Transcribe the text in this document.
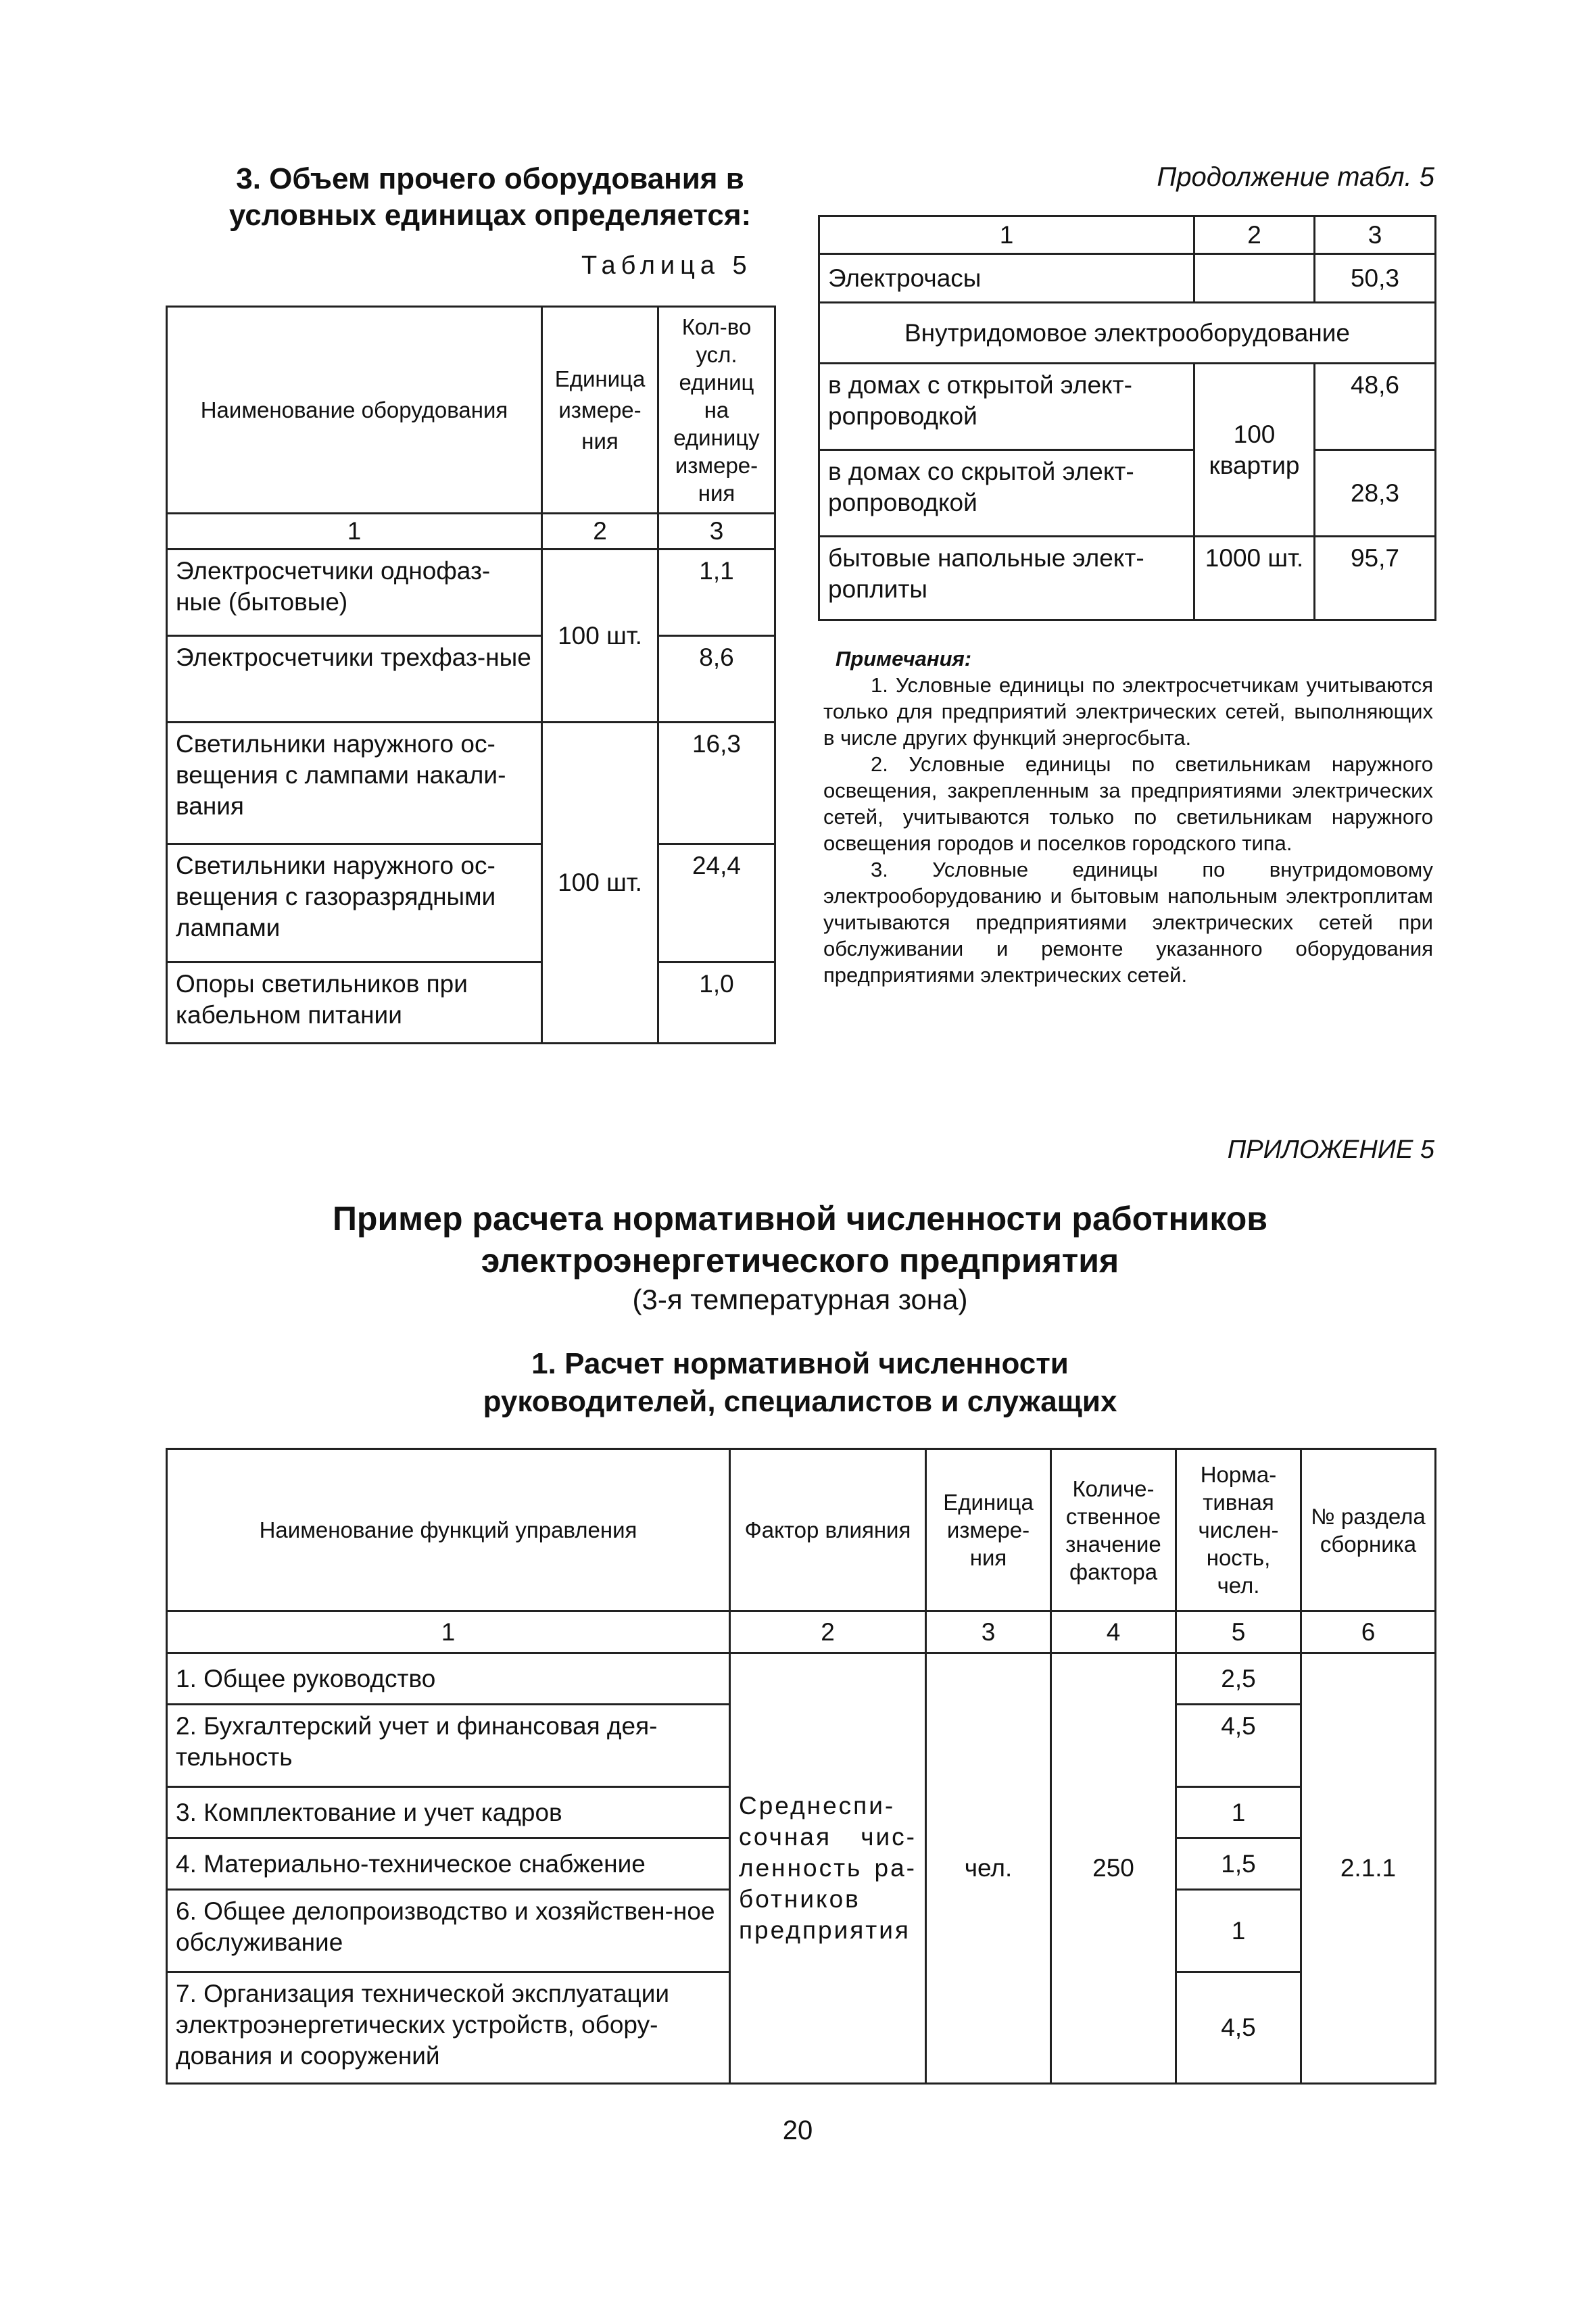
3. Объем прочего оборудования в
условных единицах определяется:
Таблица 5
Наименование оборудования	Единица измере-ния	Кол-во усл. единиц на единицу измере-ния
1	2	3
Электросчетчики однофаз-ные (бытовые)	100 шт.	1,1
Электросчетчики трехфаз-ные		8,6
Светильники наружного ос-вещения с лампами накали-вания	100 шт.	16,3
Светильники наружного ос-вещения с газоразрядными лампами		24,4
Опоры светильников при кабельном питании		1,0
Продолжение табл. 5
1	2	3
Электрочасы		50,3
Внутридомовое электрооборудование		
в домах с открытой элект-ропроводкой	100 квартир	48,6
в домах со скрытой элект-ропроводкой		28,3
бытовые напольные элект-роплиты	1000 шт.	95,7
Примечания:
1. Условные единицы по электросчетчикам учитываются только для предприятий электрических сетей, выполняющих в числе других функций энергосбыта.
2. Условные единицы по светильникам наружного освещения, закрепленным за предприятиями электрических сетей, учитываются только по светильникам наружного освещения городов и поселков городского типа.
3. Условные единицы по внутридомовому электрооборудованию и бытовым напольным электроплитам учитываются предприятиями электрических сетей при обслуживании и ремонте указанного оборудования предприятиями электрических сетей.
ПРИЛОЖЕНИЕ 5
Пример расчета нормативной численности работников
электроэнергетического предприятия
(3-я температурная зона)
1. Расчет нормативной численности
руководителей, специалистов и служащих
Наименование функций управления	Фактор влияния	Единица измере-ния	Количе-ственное значение фактора	Норма-тивная числен-ность, чел.	№ раздела сборника
1	2	3	4	5	6
1. Общее руководство	Среднеспи-сочная чис-ленность ра-ботников предприятия	чел.	250	2,5	2.1.1
2. Бухгалтерский учет и финансовая дея-тельность				4,5	
3. Комплектование и учет кадров				1	
4. Материально-техническое снабжение				1,5	
6. Общее делопроизводство и хозяйствен-ное обслуживание				1	
7. Организация технической эксплуатации электроэнергетических устройств, обору-дования и сооружений				4,5	
20
